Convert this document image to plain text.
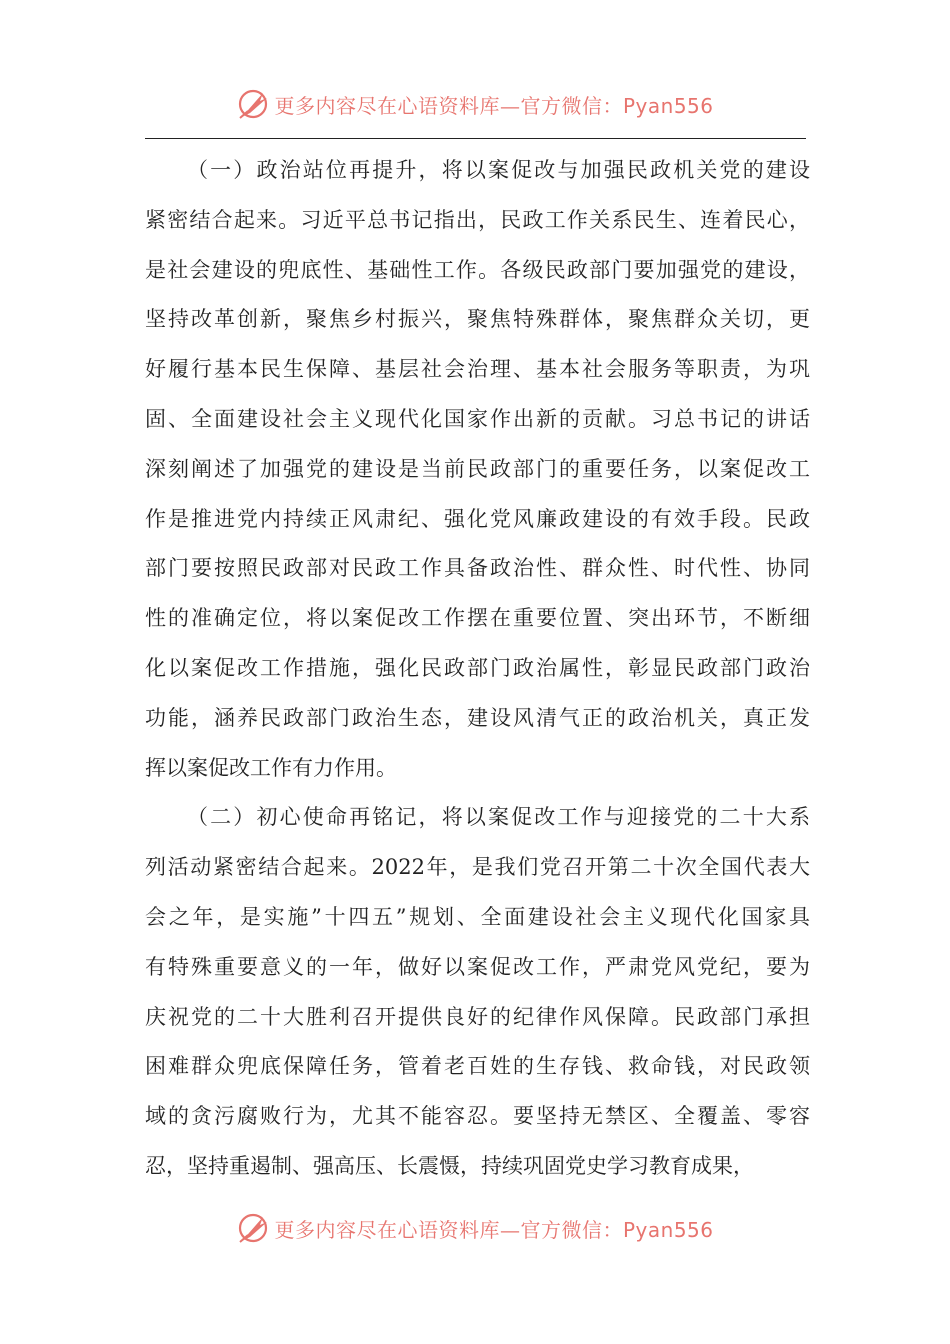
更多内容尽在心语资料库—官方微信：Pyan556
（一）政治站位再提升，将以案促改与加强民政机关党的建设
紧密结合起来。习近平总书记指出，民政工作关系民生、连着民心，
是社会建设的兜底性、基础性工作。各级民政部门要加强党的建设，
坚持改革创新，聚焦乡村振兴，聚焦特殊群体，聚焦群众关切，更
好履行基本民生保障、基层社会治理、基本社会服务等职责，为巩
固、全面建设社会主义现代化国家作出新的贡献。习总书记的讲话
深刻阐述了加强党的建设是当前民政部门的重要任务，以案促改工
作是推进党内持续正风肃纪、强化党风廉政建设的有效手段。民政
部门要按照民政部对民政工作具备政治性、群众性、时代性、协同
性的准确定位，将以案促改工作摆在重要位置、突出环节，不断细
化以案促改工作措施，强化民政部门政治属性，彰显民政部门政治
功能，涵养民政部门政治生态，建设风清气正的政治机关，真正发
挥以案促改工作有力作用。
（二）初心使命再铭记，将以案促改工作与迎接党的二十大系
列活动紧密结合起来。2022年，是我们党召开第二十次全国代表大
会之年，是实施”十四五”规划、全面建设社会主义现代化国家具
有特殊重要意义的一年，做好以案促改工作，严肃党风党纪，要为
庆祝党的二十大胜利召开提供良好的纪律作风保障。民政部门承担
困难群众兜底保障任务，管着老百姓的生存钱、救命钱，对民政领
域的贪污腐败行为，尤其不能容忍。要坚持无禁区、全覆盖、零容
忍，坚持重遏制、强高压、长震慑，持续巩固党史学习教育成果，
更多内容尽在心语资料库—官方微信：Pyan556
